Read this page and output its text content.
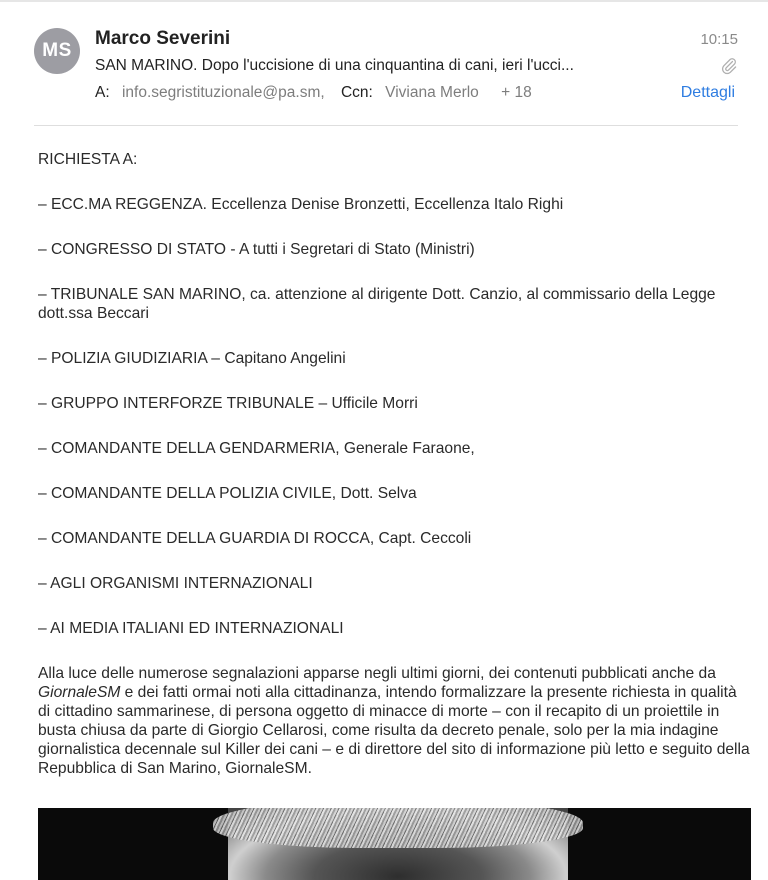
MS
Marco Severini	10:15
SAN MARINO. Dopo l'uccisione di una cinquantina di cani, ieri l'ucci...
A: info.segristituzionale@pa.sm, Ccn: Viviana Merlo + 18	Dettagli

RICHIESTA A:

– ECC.MA REGGENZA. Eccellenza Denise Bronzetti, Eccellenza Italo Righi

– CONGRESSO DI STATO - A tutti i Segretari di Stato (Ministri)

– TRIBUNALE SAN MARINO, ca. attenzione al dirigente Dott. Canzio, al commissario della Legge dott.ssa Beccari

– POLIZIA GIUDIZIARIA – Capitano Angelini

– GRUPPO INTERFORZE TRIBUNALE – Ufficile Morri

– COMANDANTE DELLA GENDARMERIA, Generale Faraone,

– COMANDANTE DELLA POLIZIA CIVILE, Dott. Selva

– COMANDANTE DELLA GUARDIA DI ROCCA, Capt. Ceccoli

– AGLI ORGANISMI INTERNAZIONALI

– AI MEDIA ITALIANI ED INTERNAZIONALI

Alla luce delle numerose segnalazioni apparse negli ultimi giorni, dei contenuti pubblicati anche da GiornaleSM e dei fatti ormai noti alla cittadinanza, intendo formalizzare la presente richiesta in qualità di cittadino sammarinese, di persona oggetto di minacce di morte – con il recapito di un proiettile in busta chiusa da parte di Giorgio Cellarosi, come risulta da decreto penale, solo per la mia indagine giornalistica decennale sul Killer dei cani – e di direttore del sito di informazione più letto e seguito della Repubblica di San Marino, GiornaleSM.
